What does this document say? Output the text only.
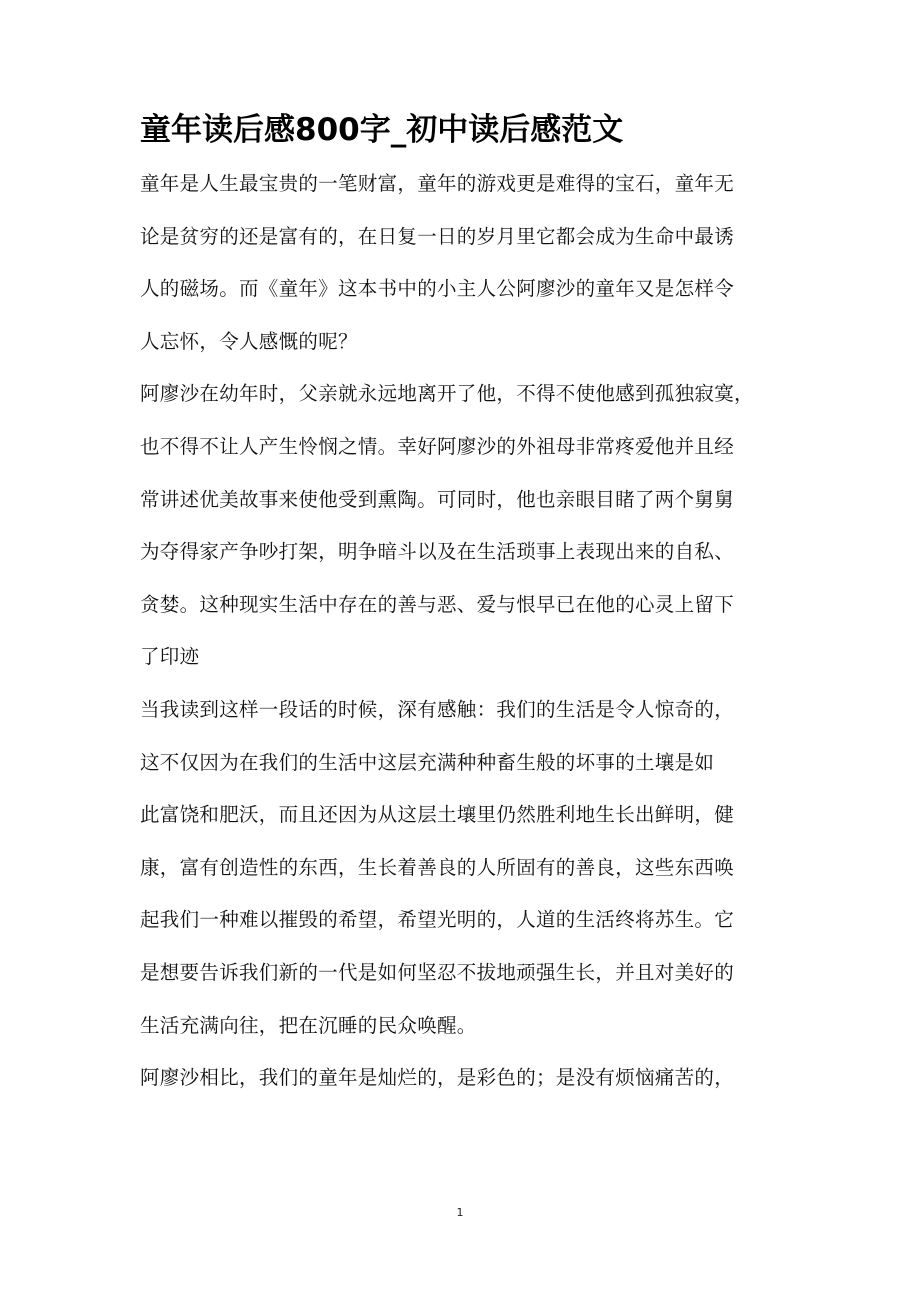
童年读后感800字_初中读后感范文
童年是人生最宝贵的一笔财富，童年的游戏更是难得的宝石，童年无
论是贫穷的还是富有的，在日复一日的岁月里它都会成为生命中最诱
人的磁场。而《童年》这本书中的小主人公阿廖沙的童年又是怎样令
人忘怀，令人感慨的呢？
阿廖沙在幼年时，父亲就永远地离开了他，不得不使他感到孤独寂寞，
也不得不让人产生怜悯之情。幸好阿廖沙的外祖母非常疼爱他并且经
常讲述优美故事来使他受到熏陶。可同时，他也亲眼目睹了两个舅舅
为夺得家产争吵打架，明争暗斗以及在生活琐事上表现出来的自私、
贪婪。这种现实生活中存在的善与恶、爱与恨早已在他的心灵上留下
了印迹
当我读到这样一段话的时候，深有感触：我们的生活是令人惊奇的，
这不仅因为在我们的生活中这层充满种种畜生般的坏事的土壤是如
此富饶和肥沃，而且还因为从这层土壤里仍然胜利地生长出鲜明，健
康，富有创造性的东西，生长着善良的人所固有的善良，这些东西唤
起我们一种难以摧毁的希望，希望光明的，人道的生活终将苏生。它
是想要告诉我们新的一代是如何坚忍不拔地顽强生长，并且对美好的
生活充满向往，把在沉睡的民众唤醒。
阿廖沙相比，我们的童年是灿烂的，是彩色的；是没有烦恼痛苦的，
1
